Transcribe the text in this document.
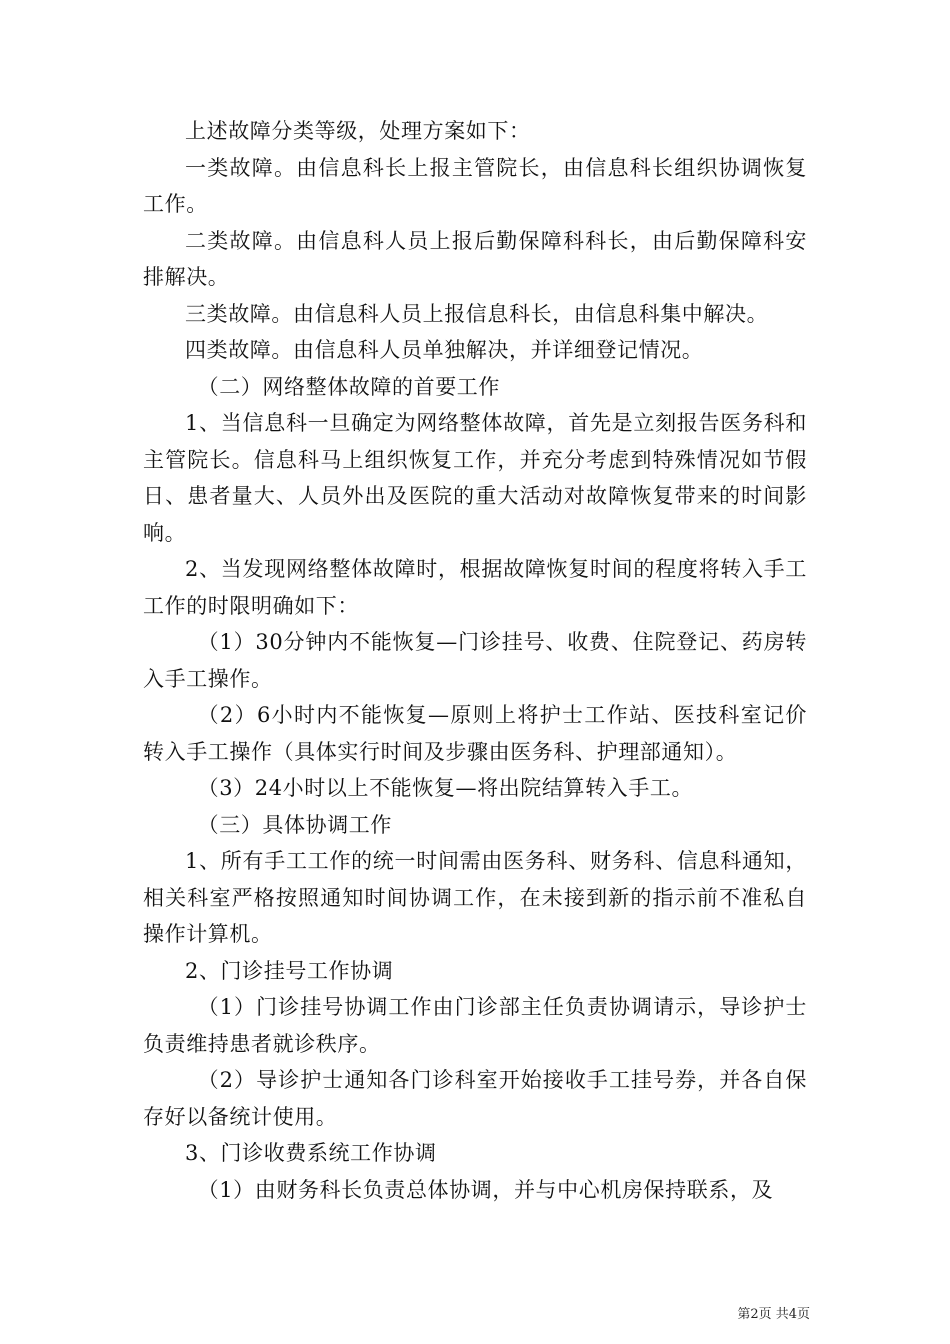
上述故障分类等级，处理方案如下：

一类故障。由信息科长上报主管院长，由信息科长组织协调恢复工作。

二类故障。由信息科人员上报后勤保障科科长，由后勤保障科安排解决。

三类故障。由信息科人员上报信息科长，由信息科集中解决。

四类故障。由信息科人员单独解决，并详细登记情况。

（二）网络整体故障的首要工作

1、当信息科一旦确定为网络整体故障，首先是立刻报告医务科和主管院长。信息科马上组织恢复工作，并充分考虑到特殊情况如节假日、患者量大、人员外出及医院的重大活动对故障恢复带来的时间影响。

2、当发现网络整体故障时，根据故障恢复时间的程度将转入手工工作的时限明确如下：

（1）30分钟内不能恢复—门诊挂号、收费、住院登记、药房转入手工操作。

（2）6小时内不能恢复—原则上将护士工作站、医技科室记价转入手工操作（具体实行时间及步骤由医务科、护理部通知）。

（3）24小时以上不能恢复—将出院结算转入手工。

（三）具体协调工作

1、所有手工工作的统一时间需由医务科、财务科、信息科通知，相关科室严格按照通知时间协调工作，在未接到新的指示前不准私自操作计算机。

2、门诊挂号工作协调

（1）门诊挂号协调工作由门诊部主任负责协调请示，导诊护士负责维持患者就诊秩序。

（2）导诊护士通知各门诊科室开始接收手工挂号券，并各自保存好以备统计使用。

3、门诊收费系统工作协调

（1）由财务科长负责总体协调，并与中心机房保持联系，及

第2页 共4页
